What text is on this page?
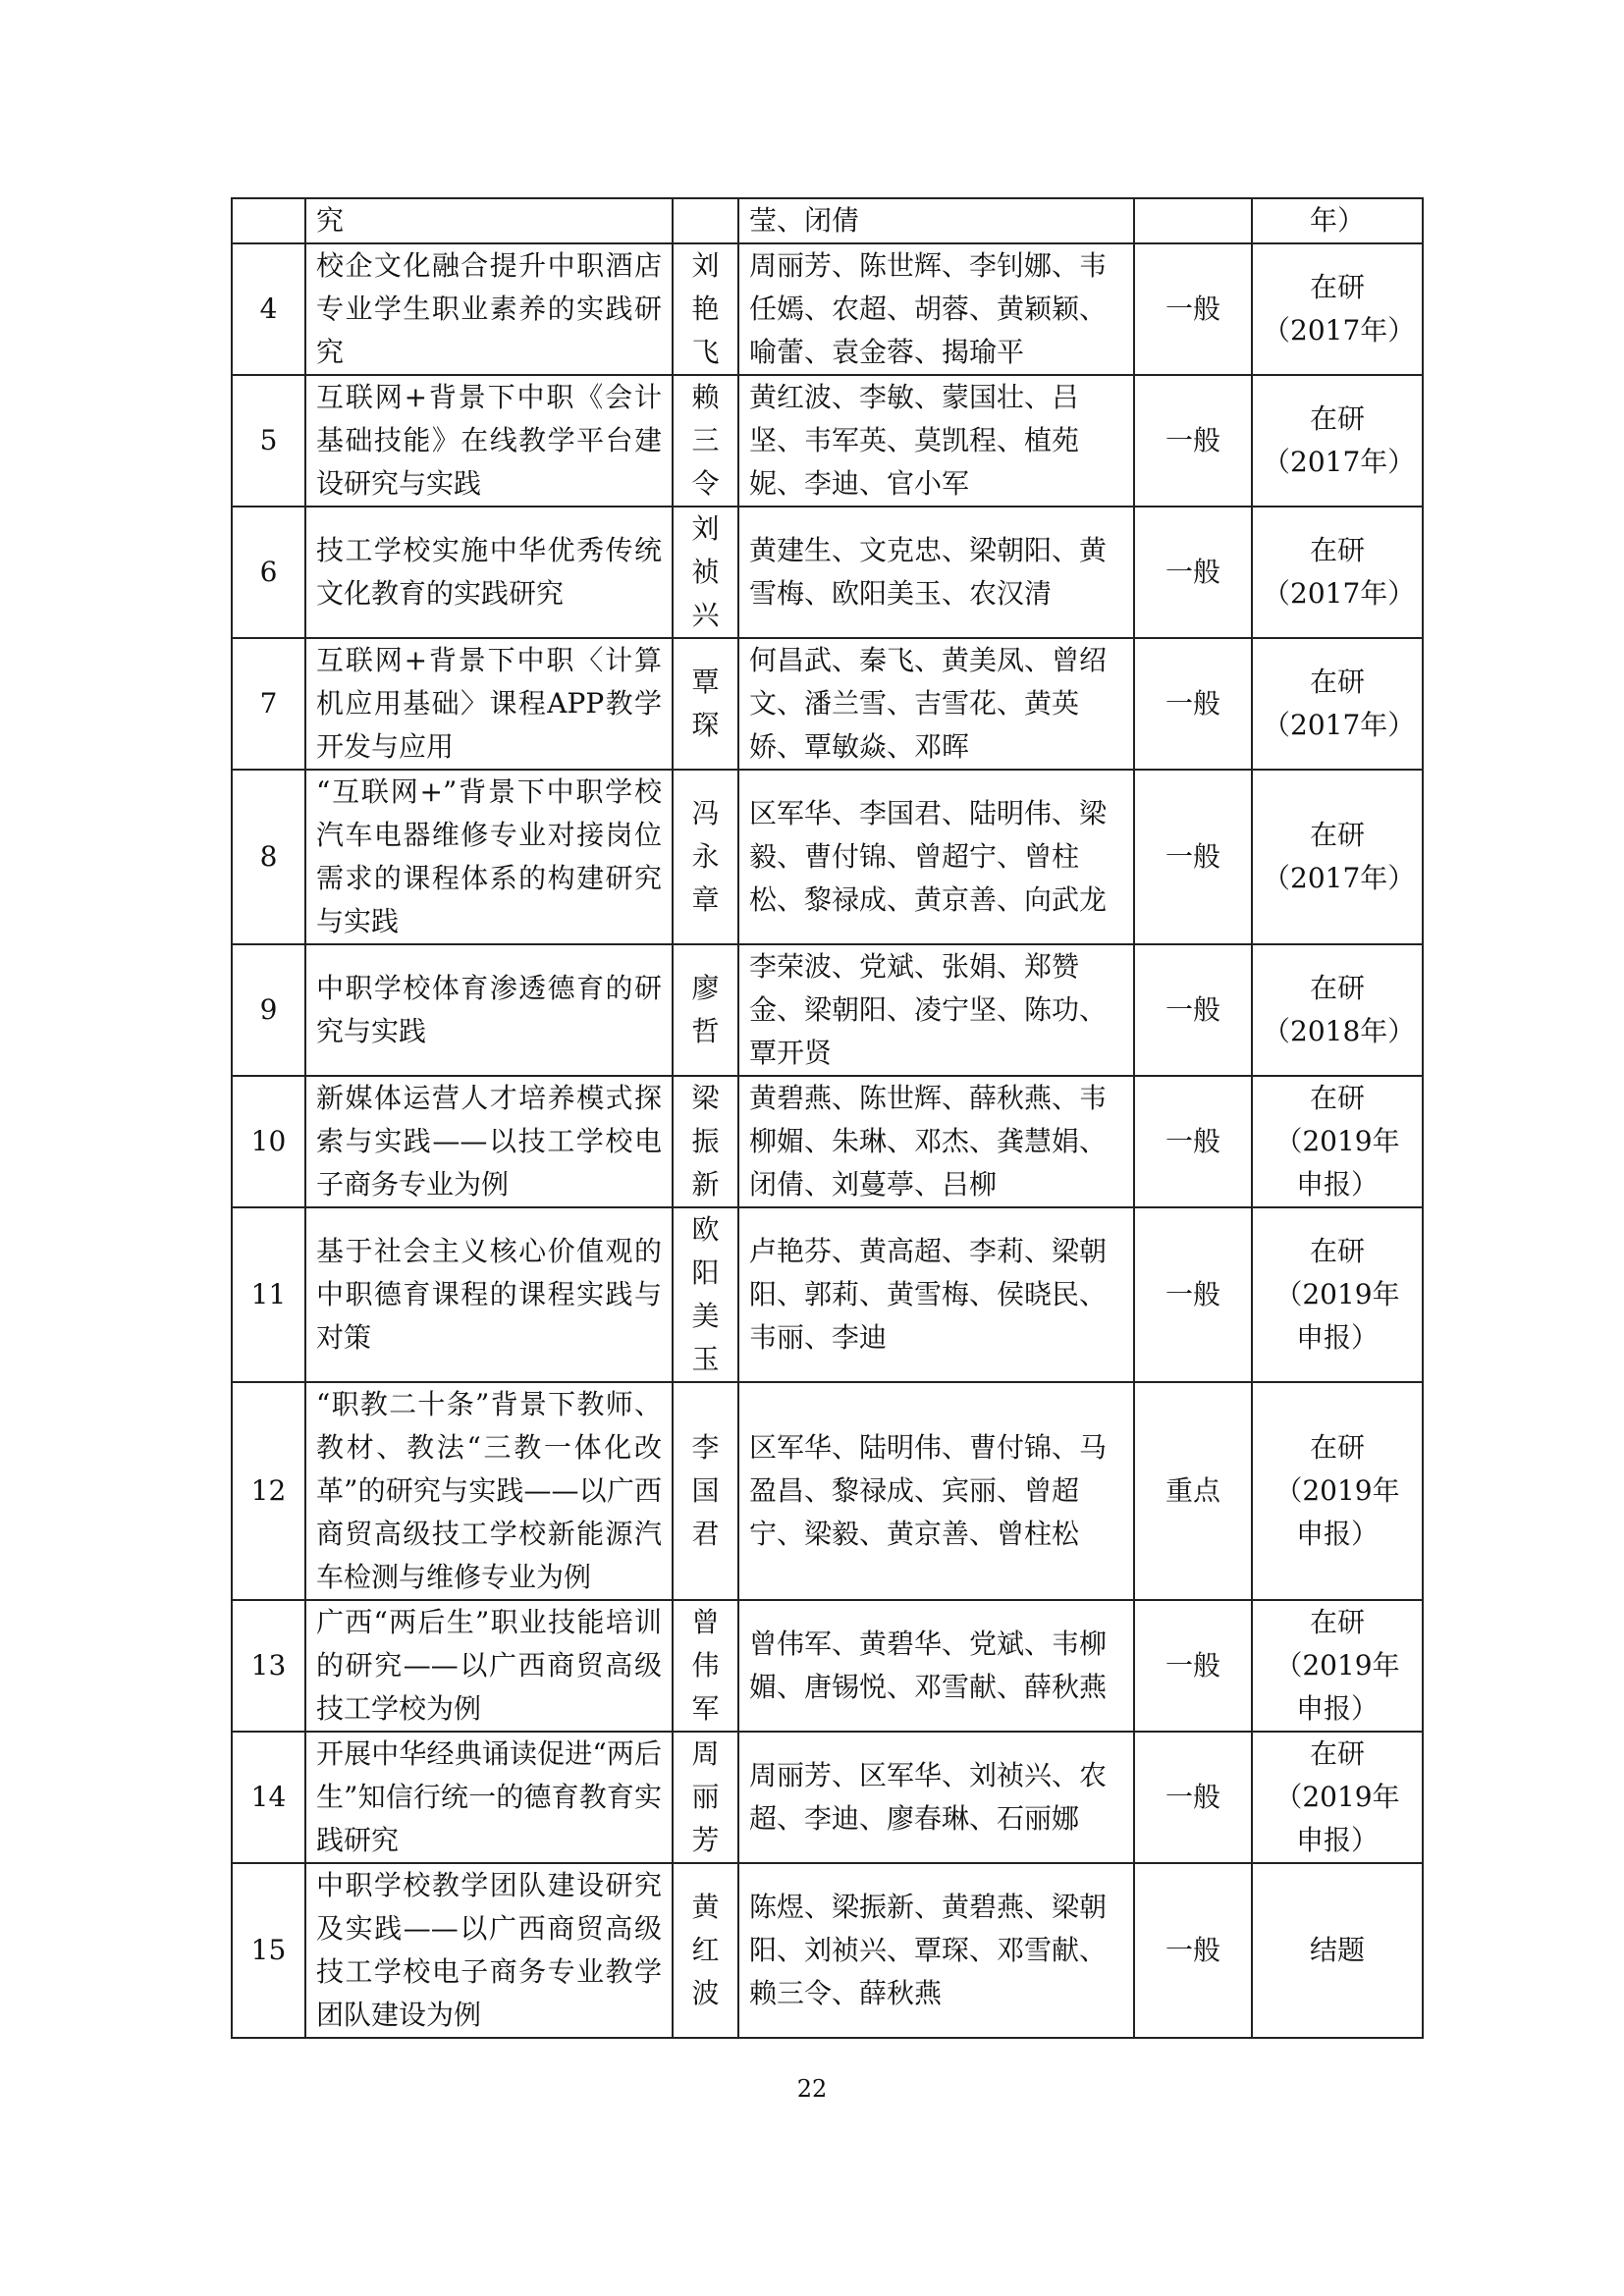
	究		莹、闭倩		年）
4	校企文化融合提升中职酒店专业学生职业素养的实践研究	刘艳飞	周丽芳、陈世辉、李钊娜、韦任嫣、农超、胡蓉、黄颖颖、喻蕾、袁金蓉、揭瑜平	一般	在研（2017年）
5	互联网+背景下中职《会计基础技能》在线教学平台建设研究与实践	赖三令	黄红波、李敏、蒙国壮、吕坚、韦军英、莫凯程、植苑妮、李迪、官小军	一般	在研（2017年）
6	技工学校实施中华优秀传统文化教育的实践研究	刘祯兴	黄建生、文克忠、梁朝阳、黄雪梅、欧阳美玉、农汉清	一般	在研（2017年）
7	互联网+背景下中职〈计算机应用基础〉课程APP教学开发与应用	覃琛	何昌武、秦飞、黄美凤、曾绍文、潘兰雪、吉雪花、黄英娇、覃敏焱、邓晖	一般	在研（2017年）
8	“互联网+”背景下中职学校汽车电器维修专业对接岗位需求的课程体系的构建研究与实践	冯永章	区军华、李国君、陆明伟、梁毅、曹付锦、曾超宁、曾柱松、黎禄成、黄京善、向武龙	一般	在研（2017年）
9	中职学校体育渗透德育的研究与实践	廖哲	李荣波、党斌、张娟、郑赞金、梁朝阳、凌宁坚、陈功、覃开贤	一般	在研（2018年）
10	新媒体运营人才培养模式探索与实践——以技工学校电子商务专业为例	梁振新	黄碧燕、陈世辉、薛秋燕、韦柳媚、朱琳、邓杰、龚慧娟、闭倩、刘蔓葶、吕柳	一般	在研（2019年申报）
11	基于社会主义核心价值观的中职德育课程的课程实践与对策	欧阳美玉	卢艳芬、黄高超、李莉、梁朝阳、郭莉、黄雪梅、侯晓民、韦丽、李迪	一般	在研（2019年申报）
12	“职教二十条”背景下教师、教材、教法“三教一体化改革”的研究与实践——以广西商贸高级技工学校新能源汽车检测与维修专业为例	李国君	区军华、陆明伟、曹付锦、马盈昌、黎禄成、宾丽、曾超宁、梁毅、黄京善、曾柱松	重点	在研（2019年申报）
13	广西“两后生”职业技能培训的研究——以广西商贸高级技工学校为例	曾伟军	曾伟军、黄碧华、党斌、韦柳媚、唐锡悦、邓雪献、薛秋燕	一般	在研（2019年申报）
14	开展中华经典诵读促进“两后生”知信行统一的德育教育实践研究	周丽芳	周丽芳、区军华、刘祯兴、农超、李迪、廖春琳、石丽娜	一般	在研（2019年申报）
15	中职学校教学团队建设研究及实践——以广西商贸高级技工学校电子商务专业教学团队建设为例	黄红波	陈煜、梁振新、黄碧燕、梁朝阳、刘祯兴、覃琛、邓雪献、赖三令、薛秋燕	一般	结题
22
